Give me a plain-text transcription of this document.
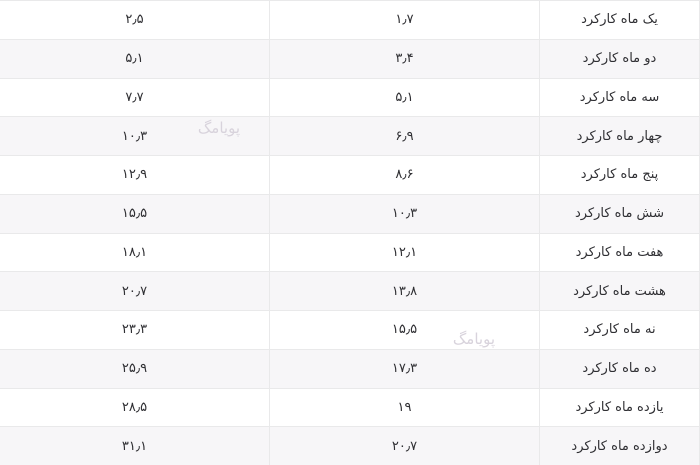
یک ماه کارکرد	۱٫۷	۲٫۵
دو ماه کارکرد	۳٫۴	۵٫۱
سه ماه کارکرد	۵٫۱	۷٫۷
چهار ماه کارکرد	۶٫۹	۱۰٫۳
پنج ماه کارکرد	۸٫۶	۱۲٫۹
شش ماه کارکرد	۱۰٫۳	۱۵٫۵
هفت ماه کارکرد	۱۲٫۱	۱۸٫۱
هشت ماه کارکرد	۱۳٫۸	۲۰٫۷
نه ماه کارکرد	۱۵٫۵	۲۳٫۳
ده ماه کارکرد	۱۷٫۳	۲۵٫۹
یازده ماه کارکرد	۱۹	۲۸٫۵
دوازده ماه کارکرد	۲۰٫۷	۳۱٫۱
پویامگ
پویامگ
